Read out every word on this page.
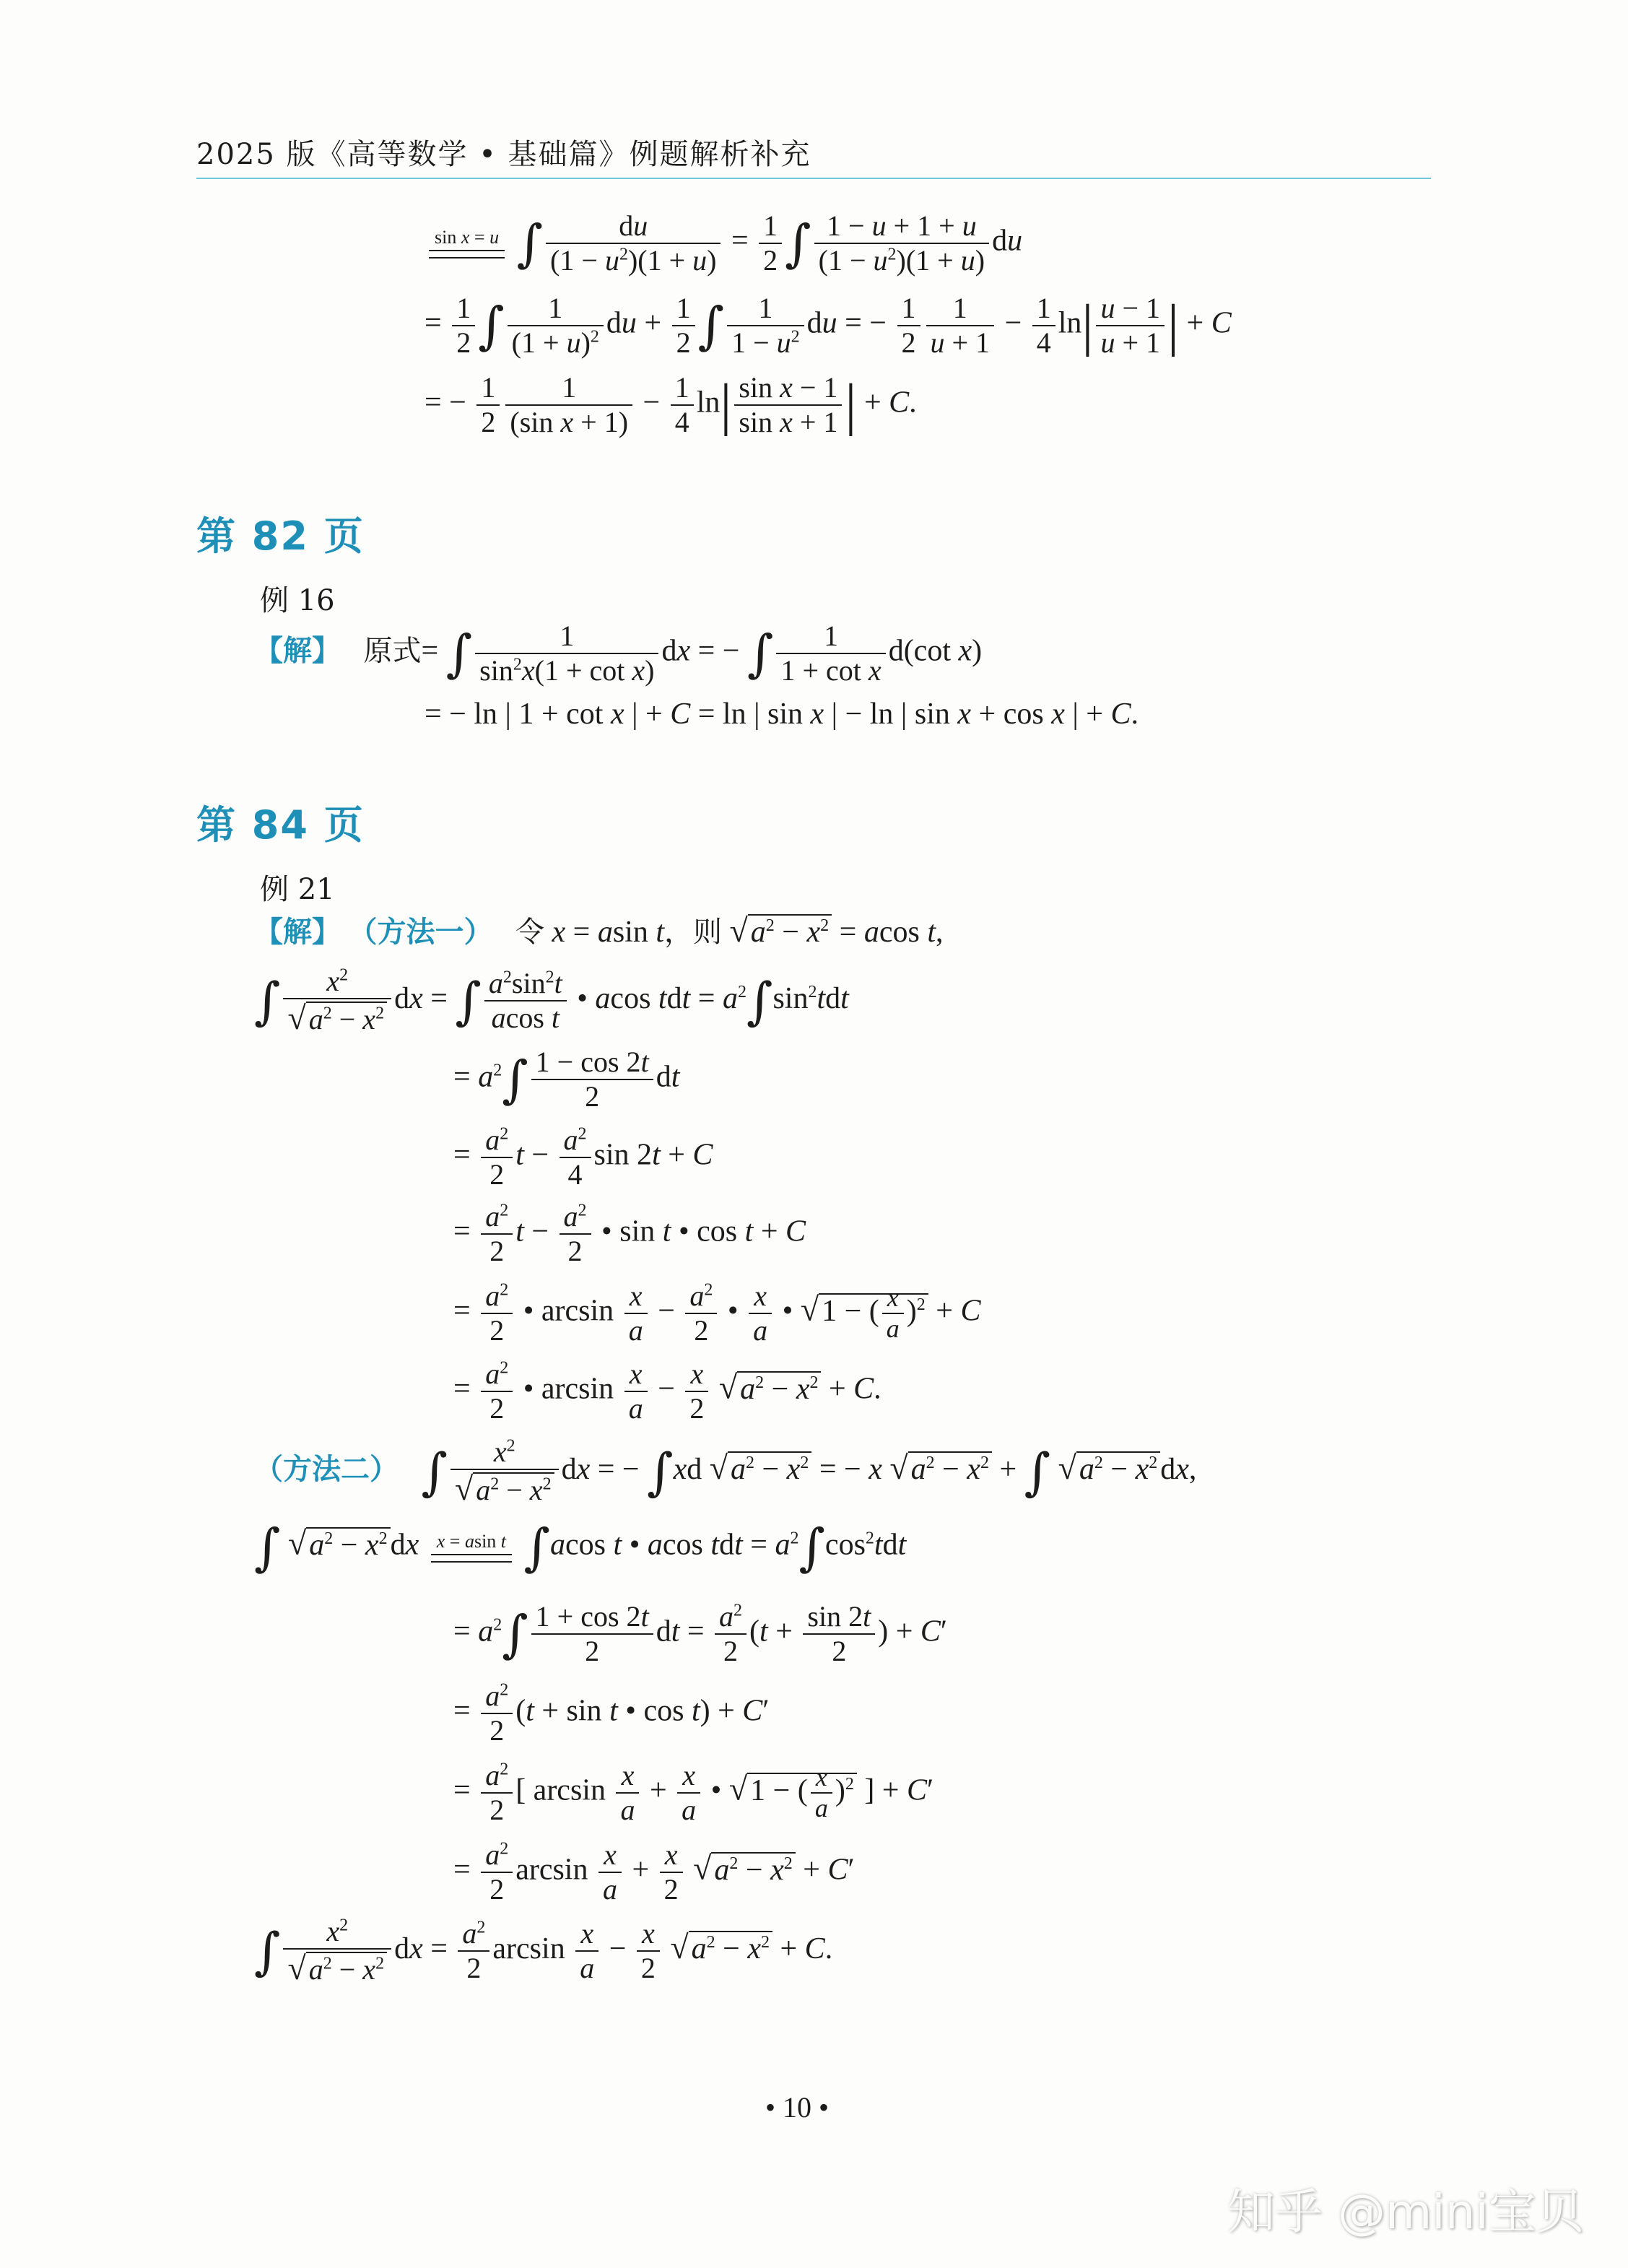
2025 版《高等数学 • 基础篇》例题解析补充
sin x = u ∫ $\frac{du}{(1 - u^2)(1 + u)} = \frac{1}{2}$ ∫ $\frac{1 - u + 1 + u}{(1 - u^2)(1 + u)}$ du
= $\frac{1}{2}$ ∫ $\frac{1}{(1 + u)^2}$ du + $\frac{1}{2}$ ∫ $\frac{1}{1 - u^2}$ du = − $\frac{1}{2} \frac{1}{u + 1} - \frac{1}{4} \ln| \frac{u - 1}{u + 1}$ | + C
= − $\frac{1}{2} \frac{1}{\text{(sin x + 1)}} - \frac{1}{4} \ln| \frac{\text{sin x − 1}}{\text{sin x + 1}}$ | + C.
第 82 页
例 16
【解】 原式= ∫ $\frac{1}{\sin^2x(1 + \cot x)}$ dx = − ∫ $\frac{1}{\text{1 + cot x}} d(\cot$ x)
= − ln | 1 + cot x | + C = ln | sin x | − ln | sin x + cos x | + C.
第 84 页
例 21
【解】 （方法一） 令 x = asin t，则 $√a^2 - x^2 = acos$ t,
∫ $\frac{x^2}{√ a^2 - x^2}$ dx = ∫ $\frac{a^2\sin^2t}{\text{acos t}}$ • acos tdt = $a^2\int\sin^2tdt$
= $a^2\int \frac{1 - \cos 2t}{2}$ dt
= $\frac{a^2}{2}$ $t - \frac{a^2}{4}$ sin 2t + C
= $\frac{a^2}{2}$ $t - \frac{a^2}{2}$ • sin t • cos t + C
= $\frac{a^2}{2}$ • $\arcsin \frac{x}{a} - \frac{a^2}{2}$ • $\frac{x}{a}$ • √1 − ( $\frac{x}{a} )^2 + C$
= $\frac{a^2}{2}$ • $\arcsin \frac{x}{a} - \frac{x}{2} √a^2 - x^2 + C$.
（方法二） ∫ $\frac{x^2}{√ a^2 - x^2}$ dx = − ∫xd $√a^2 - x^2$ = − x $√a^2 - x^2$ + ∫ $√a^2 - x^2dx$,
∫ $√a^2 - x^2dx$ x = asin t ∫acos t • acos tdt = $a^2\int\cos^2tdt$
= $a^2\int \frac{1 + \cos 2t}{2}$ dt = $\frac{a^2}{2} (t + \frac{\sin 2t}{2}$ ) + C′
= $\frac{a^2}{2} (t + \sin t$ • cos t) + C′
= $\frac{a^2}{2}$ [ $\arcsin \frac{x}{a} + \frac{x}{a}$ • √1 − ( $\frac{x}{a} )^2$ ] + C′
= $\frac{a^2}{2}$ $\arcsin \frac{x}{a} + \frac{x}{2} √a^2 - x^2 + C'$
∫ $\frac{x^2}{√ a^2 - x^2}$ dx = $\frac{a^2}{2}$ $\arcsin \frac{x}{a} - \frac{x}{2} √a^2 - x^2 + C$.
• 10 •
知乎 @mini宝贝
